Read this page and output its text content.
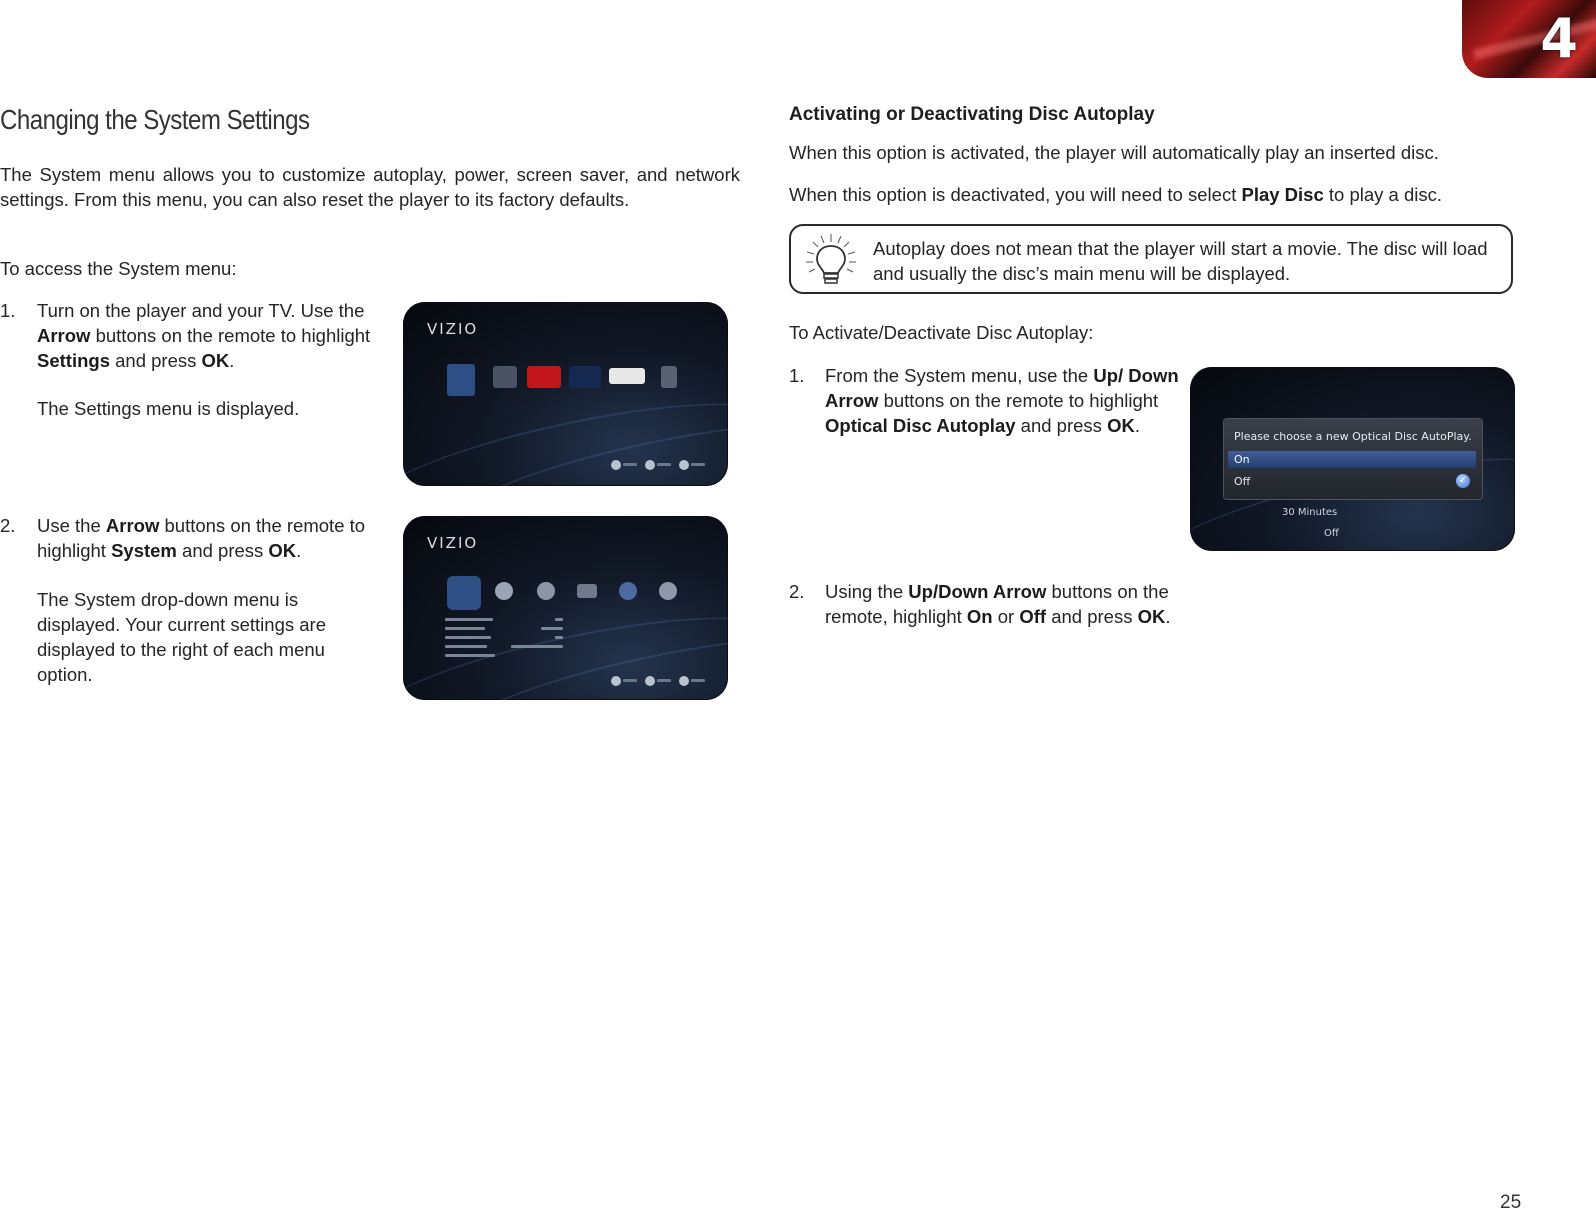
4
Changing the System Settings

The System menu allows you to customize autoplay, power, screen saver, and network settings. From this menu, you can also reset the player to its factory defaults.

To access the System menu:

1. Turn on the player and your TV. Use the Arrow buttons on the remote to highlight Settings and press OK.
The Settings menu is displayed.
VIZIO
2. Use the Arrow buttons on the remote to highlight System and press OK.
The System drop-down menu is displayed. Your current settings are displayed to the right of each menu option.
VIZIO
Activating or Deactivating Disc Autoplay

When this option is activated, the player will automatically play an inserted disc.

When this option is deactivated, you will need to select Play Disc to play a disc.

Autoplay does not mean that the player will start a movie. The disc will load and usually the disc’s main menu will be displayed.

To Activate/Deactivate Disc Autoplay:

1. From the System menu, use the Up/ Down Arrow buttons on the remote to highlight Optical Disc Autoplay and press OK.
Please choose a new Optical Disc AutoPlay.
On
Off	✓
30 Minutes
Off
2. Using the Up/Down Arrow buttons on the remote, highlight On or Off and press OK.
25
